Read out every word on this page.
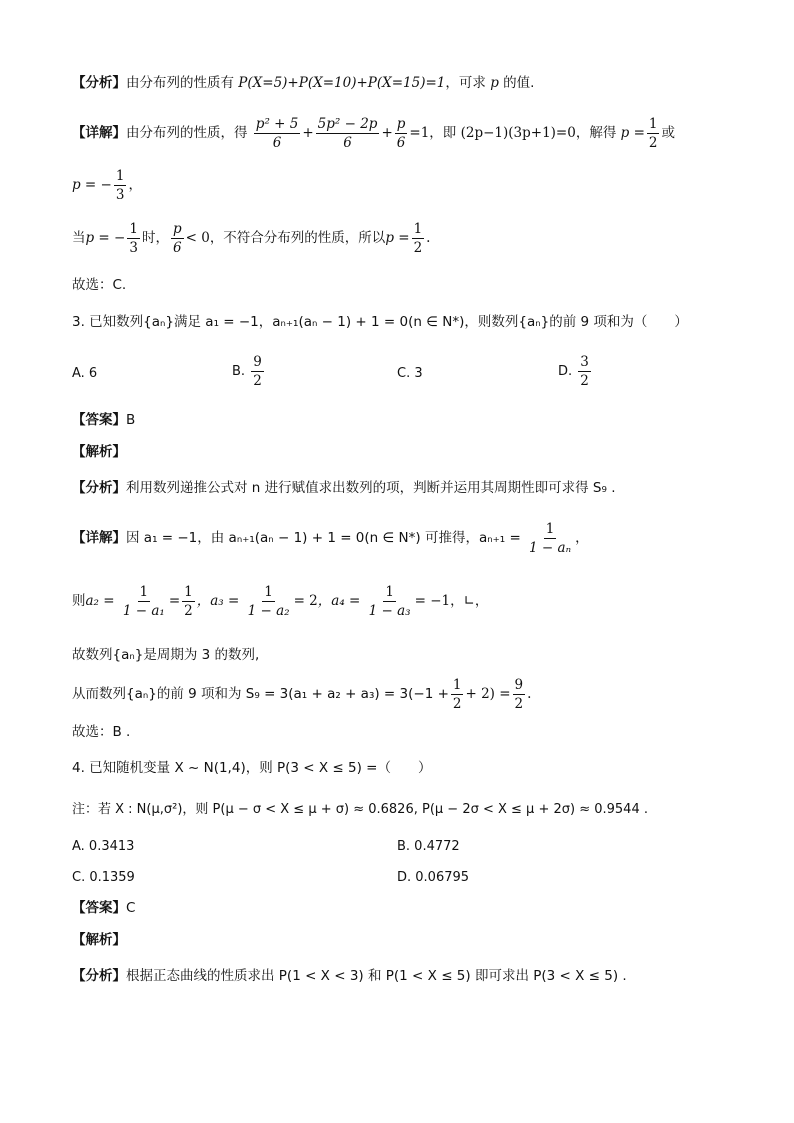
【分析】由分布列的性质有 P(X=5)+P(X=10)+P(X=15)=1，可求 p 的值.
【详解】由分布列的性质，得 $\frac{\text{p² + 5}}{6} + \frac{\text{5p² − 2p}}{6} + \frac{p}{6} =1$，即 (2p−1)(3p+1)=0，解得 $p = \frac{1}{2}$ 或
p = − $\frac{1}{3}$ ，
当p = − $\frac{1}{3}$ 时， $\frac{p}{6} < 0$，不符合分布列的性质，所以$p = \frac{1}{2}$ .
故选：C.
3. 已知数列{aₙ}满足 a₁ = −1，aₙ₊₁(aₙ − 1) + 1 = 0(n ∈ N*)，则数列{aₙ}的前 9 项和为（　　）
A. 6	B. $\frac{9}{2}$	C. 3	D. $\frac{3}{2}$
【答案】B
【解析】
【分析】利用数列递推公式对 n 进行赋值求出数列的项，判断并运用其周期性即可求得 S₉ .
【详解】因 a₁ = −1，由 aₙ₊₁(aₙ − 1) + 1 = 0(n ∈ N*) 可推得，$a_{n+1} = \frac{1}{\text{1 − aₙ}}$ ，
则$a_2 = \frac{1}{\text{1 − a₁}} = \frac{1}{2}$ ，$a_3 = \frac{1}{\text{1 − a₂}} = 2$，$a_4 = \frac{1}{\text{1 − a₃}} = -1$，∟，
故数列{aₙ}是周期为 3 的数列,
从而数列{aₙ}的前 9 项和为 $S_9 = 3(a_1 + a_2 + a_3) = 3(-1 + \frac{1}{2} + 2) = \frac{9}{2}$ .
故选：B .
4. 已知随机变量 X ~ N(1,4)，则 P(3 < X ≤ 5) =（　　）
注：若 X : N(μ,σ²)，则 P(μ − σ < X ≤ μ + σ) ≈ 0.6826, P(μ − 2σ < X ≤ μ + 2σ) ≈ 0.9544 .
A. 0.3413	B. 0.4772
C. 0.1359	D. 0.06795
【答案】C
【解析】
【分析】根据正态曲线的性质求出 P(1 < X < 3) 和 P(1 < X ≤ 5) 即可求出 P(3 < X ≤ 5) .
